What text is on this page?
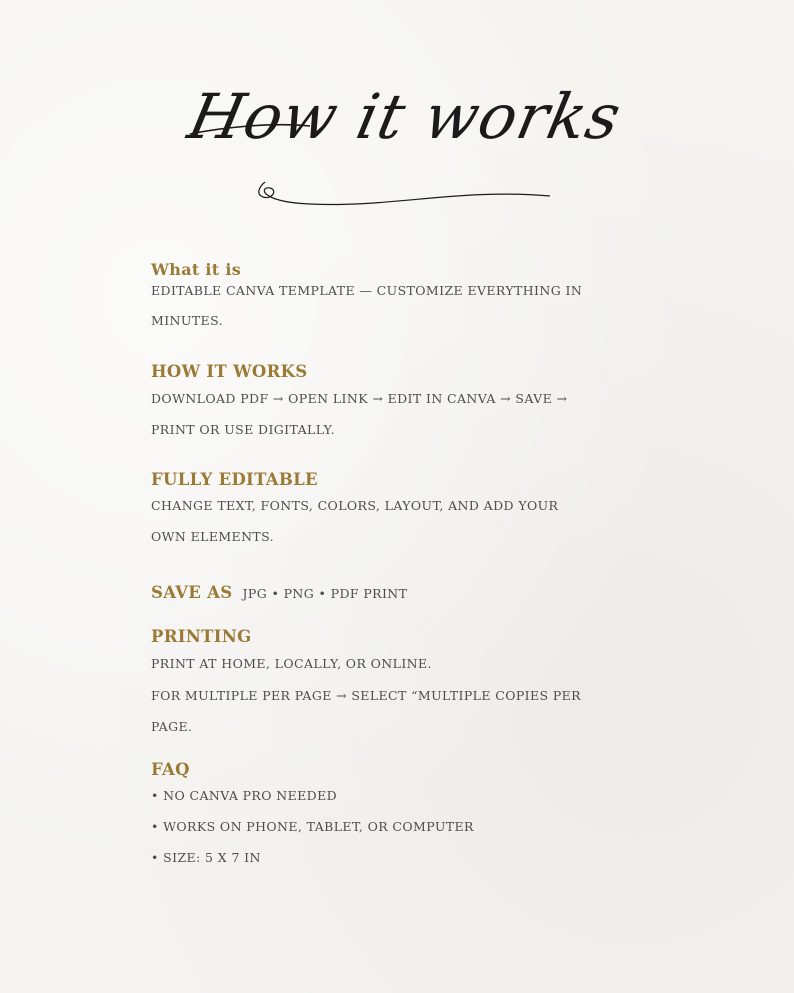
How it works
What it is
EDITABLE CANVA TEMPLATE — CUSTOMIZE EVERYTHING IN
MINUTES.
HOW IT WORKS
DOWNLOAD PDF → OPEN LINK → EDIT IN CANVA → SAVE →
PRINT OR USE DIGITALLY.
FULLY EDITABLE
CHANGE TEXT, FONTS, COLORS, LAYOUT, AND ADD YOUR
OWN ELEMENTS.
SAVE AS JPG • PNG • PDF PRINT
PRINTING
PRINT AT HOME, LOCALLY, OR ONLINE.
FOR MULTIPLE PER PAGE → SELECT “MULTIPLE COPIES PER
PAGE.
FAQ
• NO CANVA PRO NEEDED
• WORKS ON PHONE, TABLET, OR COMPUTER
• SIZE: 5 X 7 IN
